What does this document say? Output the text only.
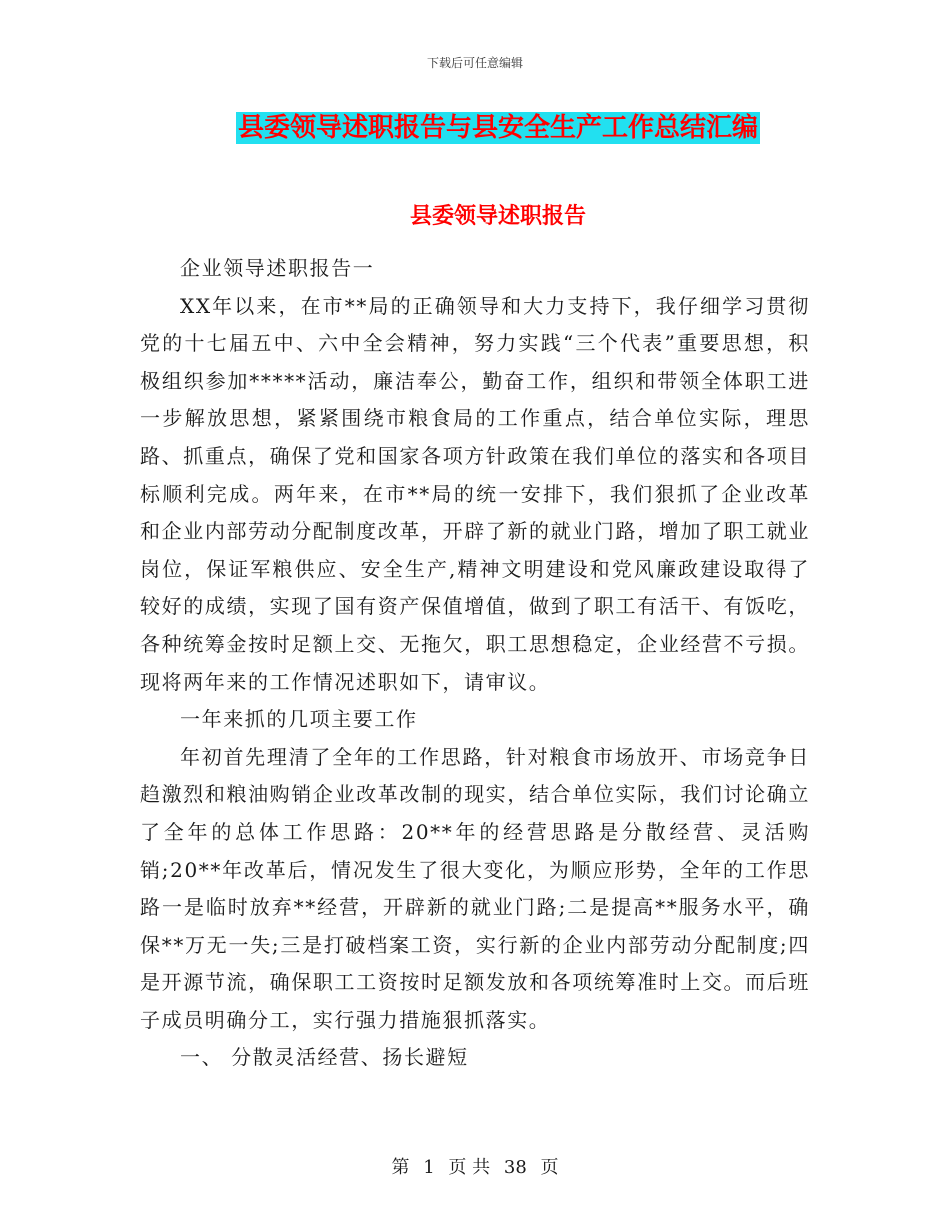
下载后可任意编辑
县委领导述职报告与县安全生产工作总结汇编
县委领导述职报告

企业领导述职报告一

XX年以来，在市**局的正确领导和大力支持下，我仔细学习贯彻党的十七届五中、六中全会精神，努力实践“三个代表”重要思想，积极组织参加*****活动，廉洁奉公，勤奋工作，组织和带领全体职工进一步解放思想，紧紧围绕市粮食局的工作重点，结合单位实际，理思路、抓重点，确保了党和国家各项方针政策在我们单位的落实和各项目标顺利完成。两年来，在市**局的统一安排下，我们狠抓了企业改革和企业内部劳动分配制度改革，开辟了新的就业门路，增加了职工就业岗位，保证军粮供应、安全生产,精神文明建设和党风廉政建设取得了较好的成绩，实现了国有资产保值增值，做到了职工有活干、有饭吃，各种统筹金按时足额上交、无拖欠，职工思想稳定，企业经营不亏损。现将两年来的工作情况述职如下，请审议。

一年来抓的几项主要工作

年初首先理清了全年的工作思路，针对粮食市场放开、市场竞争日趋激烈和粮油购销企业改革改制的现实，结合单位实际，我们讨论确立了全年的总体工作思路：20**年的经营思路是分散经营、灵活购销;20**年改革后，情况发生了很大变化，为顺应形势，全年的工作思路一是临时放弃**经营，开辟新的就业门路;二是提高**服务水平，确保**万无一失;三是打破档案工资，实行新的企业内部劳动分配制度;四是开源节流，确保职工工资按时足额发放和各项统筹准时上交。而后班子成员明确分工，实行强力措施狠抓落实。

一、 分散灵活经营、扬长避短

第 1 页 共 38 页
